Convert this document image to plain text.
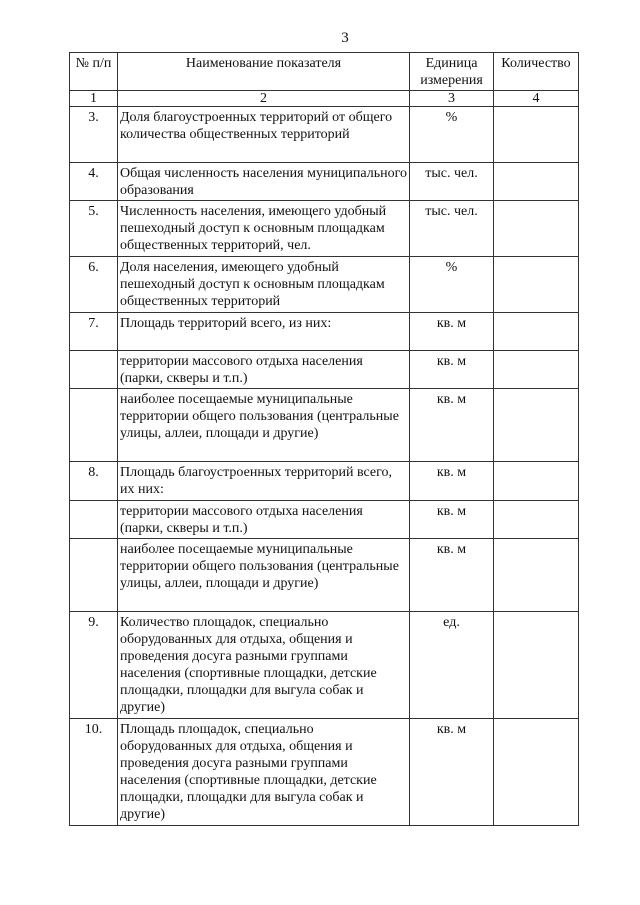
3
№ п/п	Наименование показателя	Единица измерения	Количество
1	2	3	4
3.	Доля благоустроенных территорий от общего количества общественных территорий	%	
4.	Общая численность населения муниципального образования	тыс. чел.	
5.	Численность населения, имеющего удобный пешеходный доступ к основным площадкам общественных территорий, чел.	тыс. чел.	
6.	Доля населения, имеющего удобный пешеходный доступ к основным площадкам общественных территорий	%	
7.	Площадь территорий всего, из них:	кв. м	
	территории массового отдыха населения (парки, скверы и т.п.)	кв. м	
	наиболее посещаемые муниципальные территории общего пользования (центральные улицы, аллеи, площади и другие)	кв. м	
8.	Площадь благоустроенных территорий всего, их них:	кв. м	
	территории массового отдыха населения (парки, скверы и т.п.)	кв. м	
	наиболее посещаемые муниципальные территории общего пользования (центральные улицы, аллеи, площади и другие)	кв. м	
9.	Количество площадок, специально оборудованных для отдыха, общения и проведения досуга разными группами населения (спортивные площадки, детские площадки, площадки для выгула собак и другие)	ед.	
10.	Площадь площадок, специально оборудованных для отдыха, общения и проведения досуга разными группами населения (спортивные площадки, детские площадки, площадки для выгула собак и другие)	кв. м	
